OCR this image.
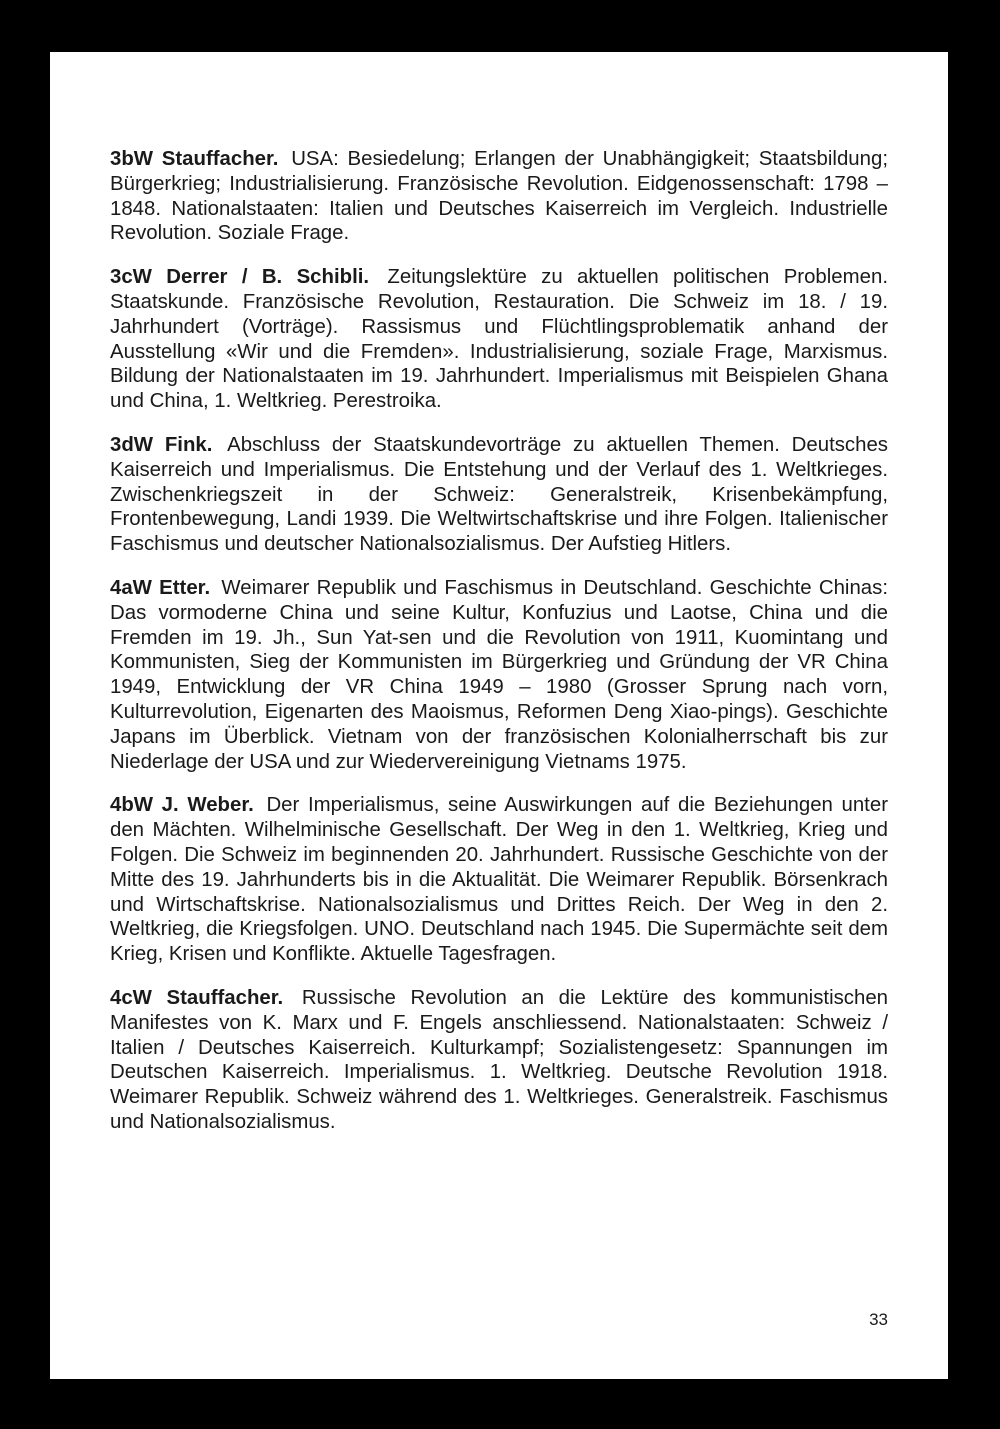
3bW Stauffacher. USA: Besiedelung; Erlangen der Unabhängigkeit; Staatsbildung; Bürgerkrieg; Industrialisierung. Französische Revolution. Eidgenossenschaft: 1798 – 1848. Nationalstaaten: Italien und Deutsches Kaiserreich im Vergleich. Industrielle Revolution. Soziale Frage.

3cW Derrer / B. Schibli. Zeitungslektüre zu aktuellen politischen Problemen. Staatskunde. Französische Revolution, Restauration. Die Schweiz im 18. / 19. Jahrhundert (Vorträge). Rassismus und Flüchtlingsproblematik anhand der Ausstellung «Wir und die Fremden». Industrialisierung, soziale Frage, Marxismus. Bildung der Nationalstaaten im 19. Jahrhundert. Imperialismus mit Beispielen Ghana und China, 1. Weltkrieg. Perestroika.

3dW Fink. Abschluss der Staatskundevorträge zu aktuellen Themen. Deutsches Kaiserreich und Imperialismus. Die Entstehung und der Verlauf des 1. Weltkrieges. Zwischenkriegszeit in der Schweiz: Generalstreik, Krisenbekämpfung, Frontenbewegung, Landi 1939. Die Weltwirtschaftskrise und ihre Folgen. Italienischer Faschismus und deutscher Nationalsozialismus. Der Aufstieg Hitlers.

4aW Etter. Weimarer Republik und Faschismus in Deutschland. Geschichte Chinas: Das vormoderne China und seine Kultur, Konfuzius und Laotse, China und die Fremden im 19. Jh., Sun Yat-sen und die Revolution von 1911, Kuomintang und Kommunisten, Sieg der Kommunisten im Bürgerkrieg und Gründung der VR China 1949, Entwicklung der VR China 1949 – 1980 (Grosser Sprung nach vorn, Kulturrevolution, Eigenarten des Maoismus, Reformen Deng Xiao-pings). Geschichte Japans im Überblick. Vietnam von der französischen Kolonialherrschaft bis zur Niederlage der USA und zur Wiedervereinigung Vietnams 1975.

4bW J. Weber. Der Imperialismus, seine Auswirkungen auf die Beziehungen unter den Mächten. Wilhelminische Gesellschaft. Der Weg in den 1. Weltkrieg, Krieg und Folgen. Die Schweiz im beginnenden 20. Jahrhundert. Russische Geschichte von der Mitte des 19. Jahrhunderts bis in die Aktualität. Die Weimarer Republik. Börsenkrach und Wirtschaftskrise. Nationalsozialismus und Drittes Reich. Der Weg in den 2. Weltkrieg, die Kriegsfolgen. UNO. Deutschland nach 1945. Die Supermächte seit dem Krieg, Krisen und Konflikte. Aktuelle Tagesfragen.

4cW Stauffacher. Russische Revolution an die Lektüre des kommunistischen Manifestes von K. Marx und F. Engels anschliessend. Nationalstaaten: Schweiz / Italien / Deutsches Kaiserreich. Kulturkampf; Sozialistengesetz: Spannungen im Deutschen Kaiserreich. Imperialismus. 1. Weltkrieg. Deutsche Revolution 1918. Weimarer Republik. Schweiz während des 1. Weltkrieges. Generalstreik. Faschismus und Nationalsozialismus.

33
